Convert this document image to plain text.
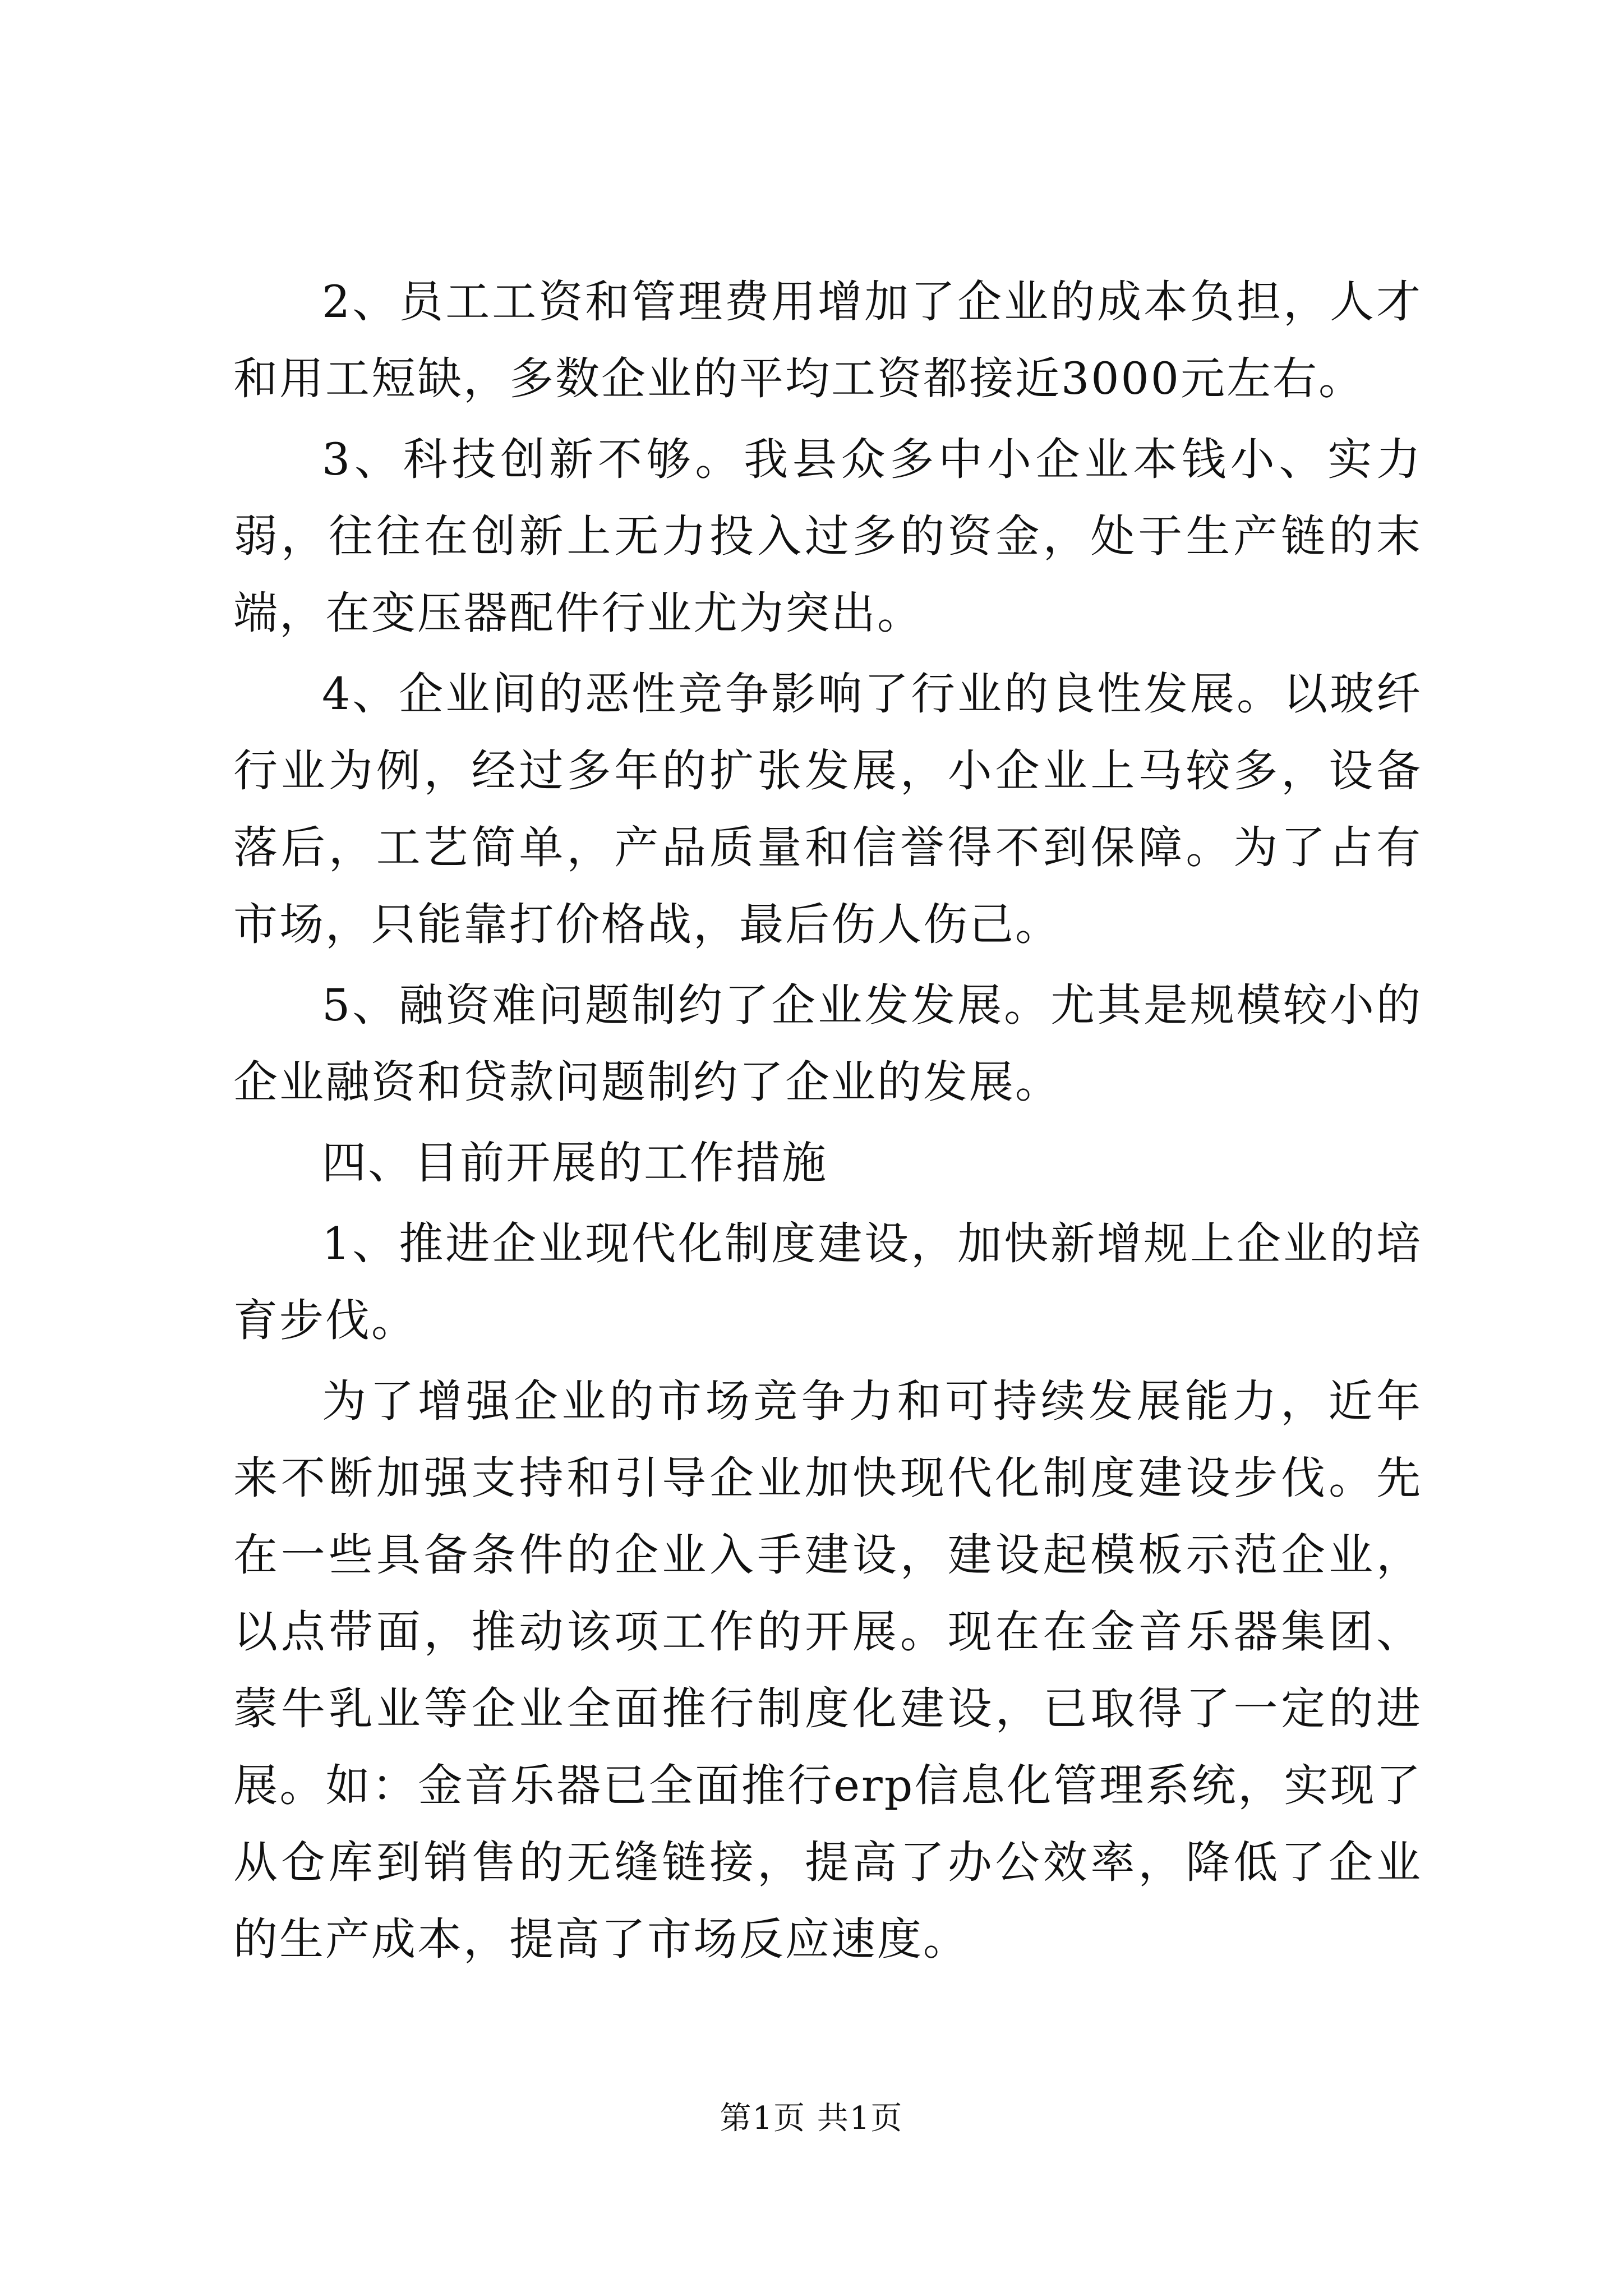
2、员工工资和管理费用增加了企业的成本负担，人才和用工短缺，多数企业的平均工资都接近3000元左右。

3、科技创新不够。我县众多中小企业本钱小、实力弱，往往在创新上无力投入过多的资金，处于生产链的末端，在变压器配件行业尤为突出。

4、企业间的恶性竞争影响了行业的良性发展。以玻纤行业为例，经过多年的扩张发展，小企业上马较多，设备落后，工艺简单，产品质量和信誉得不到保障。为了占有市场，只能靠打价格战，最后伤人伤己。

5、融资难问题制约了企业发发展。尤其是规模较小的企业融资和贷款问题制约了企业的发展。

四、目前开展的工作措施

1、推进企业现代化制度建设，加快新增规上企业的培育步伐。

为了增强企业的市场竞争力和可持续发展能力，近年来不断加强支持和引导企业加快现代化制度建设步伐。先在一些具备条件的企业入手建设，建设起模板示范企业，以点带面，推动该项工作的开展。现在在金音乐器集团、蒙牛乳业等企业全面推行制度化建设，已取得了一定的进展。如：金音乐器已全面推行erp信息化管理系统，实现了从仓库到销售的无缝链接，提高了办公效率，降低了企业的生产成本，提高了市场反应速度。

第1页 共1页
